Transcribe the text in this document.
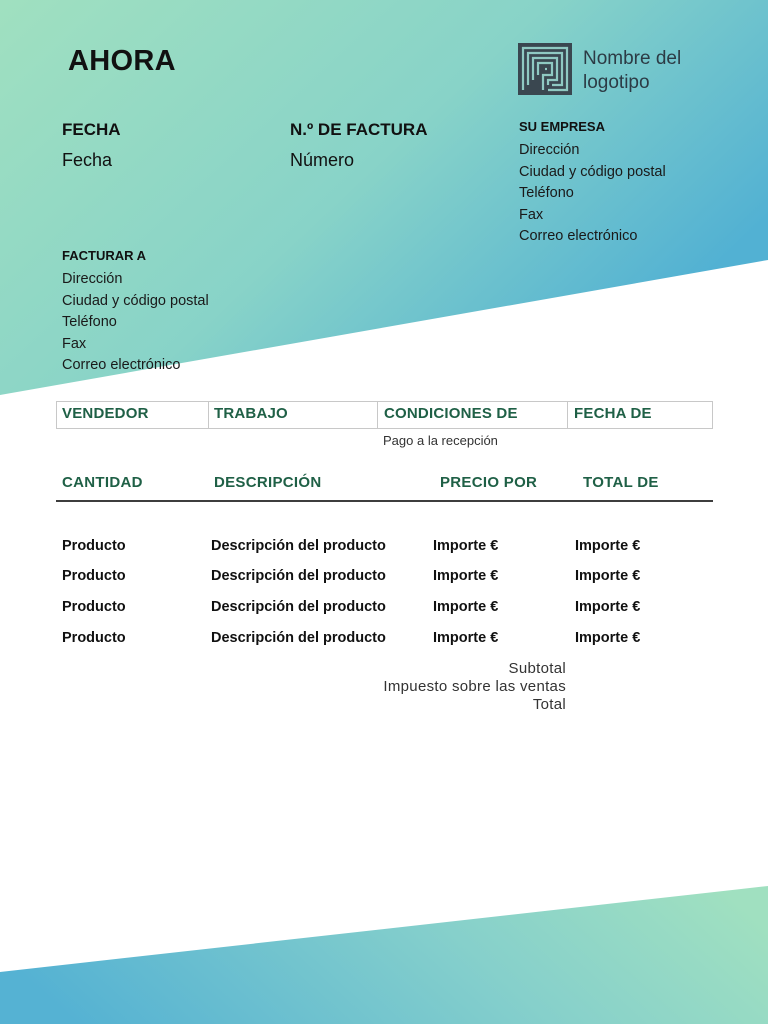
AHORA	Nombre del
logotipo
FECHA
Fecha
N.º DE FACTURA
Número
SU EMPRESA
Dirección
Ciudad y código postal
Teléfono
Fax
Correo electrónico
FACTURAR A
Dirección
Ciudad y código postal
Teléfono
Fax
Correo electrónico
VENDEDOR	TRABAJO	CONDICIONES DE	FECHA DE
Pago a la recepción
CANTIDAD	DESCRIPCIÓN	PRECIO POR	TOTAL DE
Producto	Descripción del producto	Importe €	Importe €
Producto	Descripción del producto	Importe €	Importe €
Producto	Descripción del producto	Importe €	Importe €
Producto	Descripción del producto	Importe €	Importe €
Subtotal
Impuesto sobre las ventas
Total
